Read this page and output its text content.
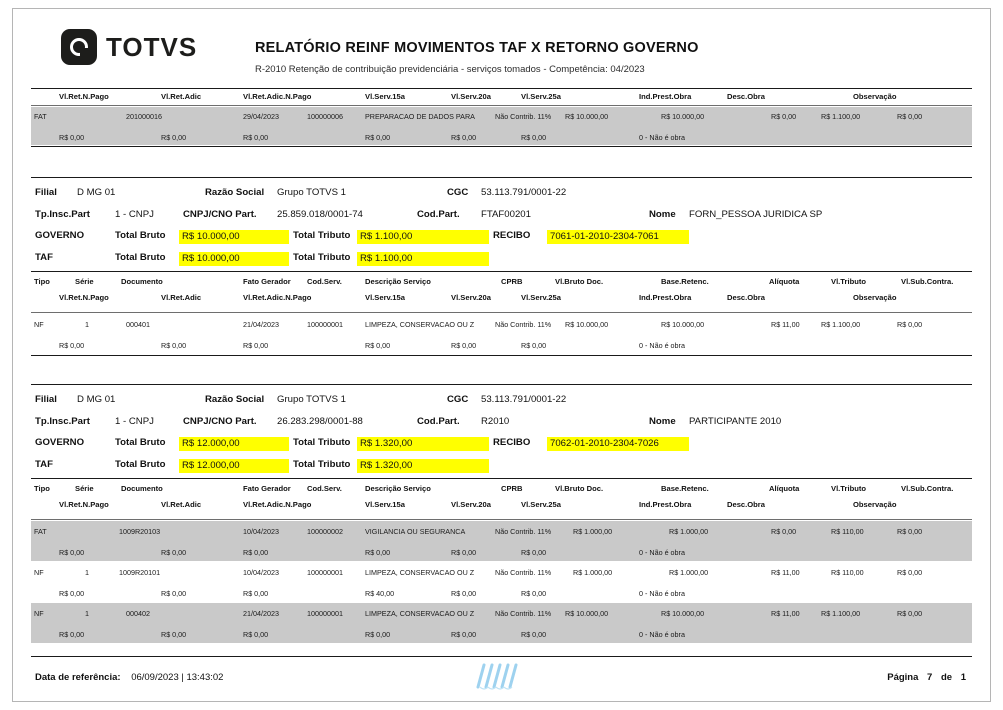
TOTVS	RELATÓRIO REINF MOVIMENTOS TAF X RETORNO GOVERNO
R-2010 Retenção de contribuição previdenciária - serviços tomados - Competência: 04/2023
Vl.Ret.N.Pago	Vl.Ret.Adic	Vl.Ret.Adic.N.Pago	Vl.Serv.15a	Vl.Serv.20a	Vl.Serv.25a	Ind.Prest.Obra	Desc.Obra	Observação
FAT	201000016	29/04/2023	100000006	PREPARACAO DE DADOS PARA	Não Contrib. 11% R$ 10.000,00	R$ 10.000,00	R$ 0,00	R$ 1.100,00	R$ 0,00
R$ 0,00	R$ 0,00	R$ 0,00	R$ 0,00	R$ 0,00	R$ 0,00	0 - Não é obra
Filial D MG 01	Razão Social Grupo TOTVS 1	CGC 53.113.791/0001-22
Tp.Insc.Part	1 - CNPJ	CNPJ/CNO Part. 25.859.018/0001-74	Cod.Part. FTAF00201	Nome FORN_PESSOA JURIDICA SP
GOVERNO	Total Bruto	R$ 10.000,00	Total Tributo	R$ 1.100,00	RECIBO	7061-01-2010-2304-7061
TAF	Total Bruto	R$ 10.000,00	Total Tributo	R$ 1.100,00
Tipo	Série	Documento	Fato Gerador Cod.Serv.	Descrição Serviço	CPRB	Vl.Bruto Doc.	Base.Retenc.	Alíquota	Vl.Tributo	Vl.Sub.Contra.
Vl.Ret.N.Pago	Vl.Ret.Adic	Vl.Ret.Adic.N.Pago	Vl.Serv.15a	Vl.Serv.20a	Vl.Serv.25a	Ind.Prest.Obra	Desc.Obra	Observação
NF	1	000401	21/04/2023	100000001	LIMPEZA, CONSERVACAO OU Z	Não Contrib. 11% R$ 10.000,00	R$ 10.000,00	R$ 11,00	R$ 1.100,00	R$ 0,00
R$ 0,00	R$ 0,00	R$ 0,00	R$ 0,00	R$ 0,00	R$ 0,00	0 - Não é obra
Filial D MG 01	Razão Social Grupo TOTVS 1	CGC 53.113.791/0001-22
Tp.Insc.Part	1 - CNPJ	CNPJ/CNO Part. 26.283.298/0001-88	Cod.Part. R2010	Nome PARTICIPANTE 2010
GOVERNO	Total Bruto	R$ 12.000,00	Total Tributo	R$ 1.320,00	RECIBO	7062-01-2010-2304-7026
TAF	Total Bruto	R$ 12.000,00	Total Tributo	R$ 1.320,00
Tipo	Série	Documento	Fato Gerador Cod.Serv.	Descrição Serviço	CPRB	Vl.Bruto Doc.	Base.Retenc.	Alíquota	Vl.Tributo	Vl.Sub.Contra.
Vl.Ret.N.Pago	Vl.Ret.Adic	Vl.Ret.Adic.N.Pago	Vl.Serv.15a	Vl.Serv.20a	Vl.Serv.25a	Ind.Prest.Obra	Desc.Obra	Observação
FAT	1009R20103	10/04/2023	100000002	VIGILANCIA OU SEGURANCA	Não Contrib. 11%	R$ 1.000,00	R$ 1.000,00	R$ 0,00	R$ 110,00	R$ 0,00
R$ 0,00	R$ 0,00	R$ 0,00	R$ 0,00	R$ 0,00	R$ 0,00	0 - Não é obra
NF	1	1009R20101	10/04/2023	100000001	LIMPEZA, CONSERVACAO OU Z	Não Contrib. 11%	R$ 1.000,00	R$ 1.000,00	R$ 11,00	R$ 110,00	R$ 0,00
R$ 0,00	R$ 0,00	R$ 0,00	R$ 40,00	R$ 0,00	R$ 0,00	0 - Não é obra
NF	1	000402	21/04/2023	100000001	LIMPEZA, CONSERVACAO OU Z	Não Contrib. 11% R$ 10.000,00	R$ 10.000,00	R$ 11,00	R$ 1.100,00	R$ 0,00
R$ 0,00	R$ 0,00	R$ 0,00	R$ 0,00	R$ 0,00	R$ 0,00	0 - Não é obra
Data de referência: 06/09/2023 | 13:43:02	Página 7 de 1
